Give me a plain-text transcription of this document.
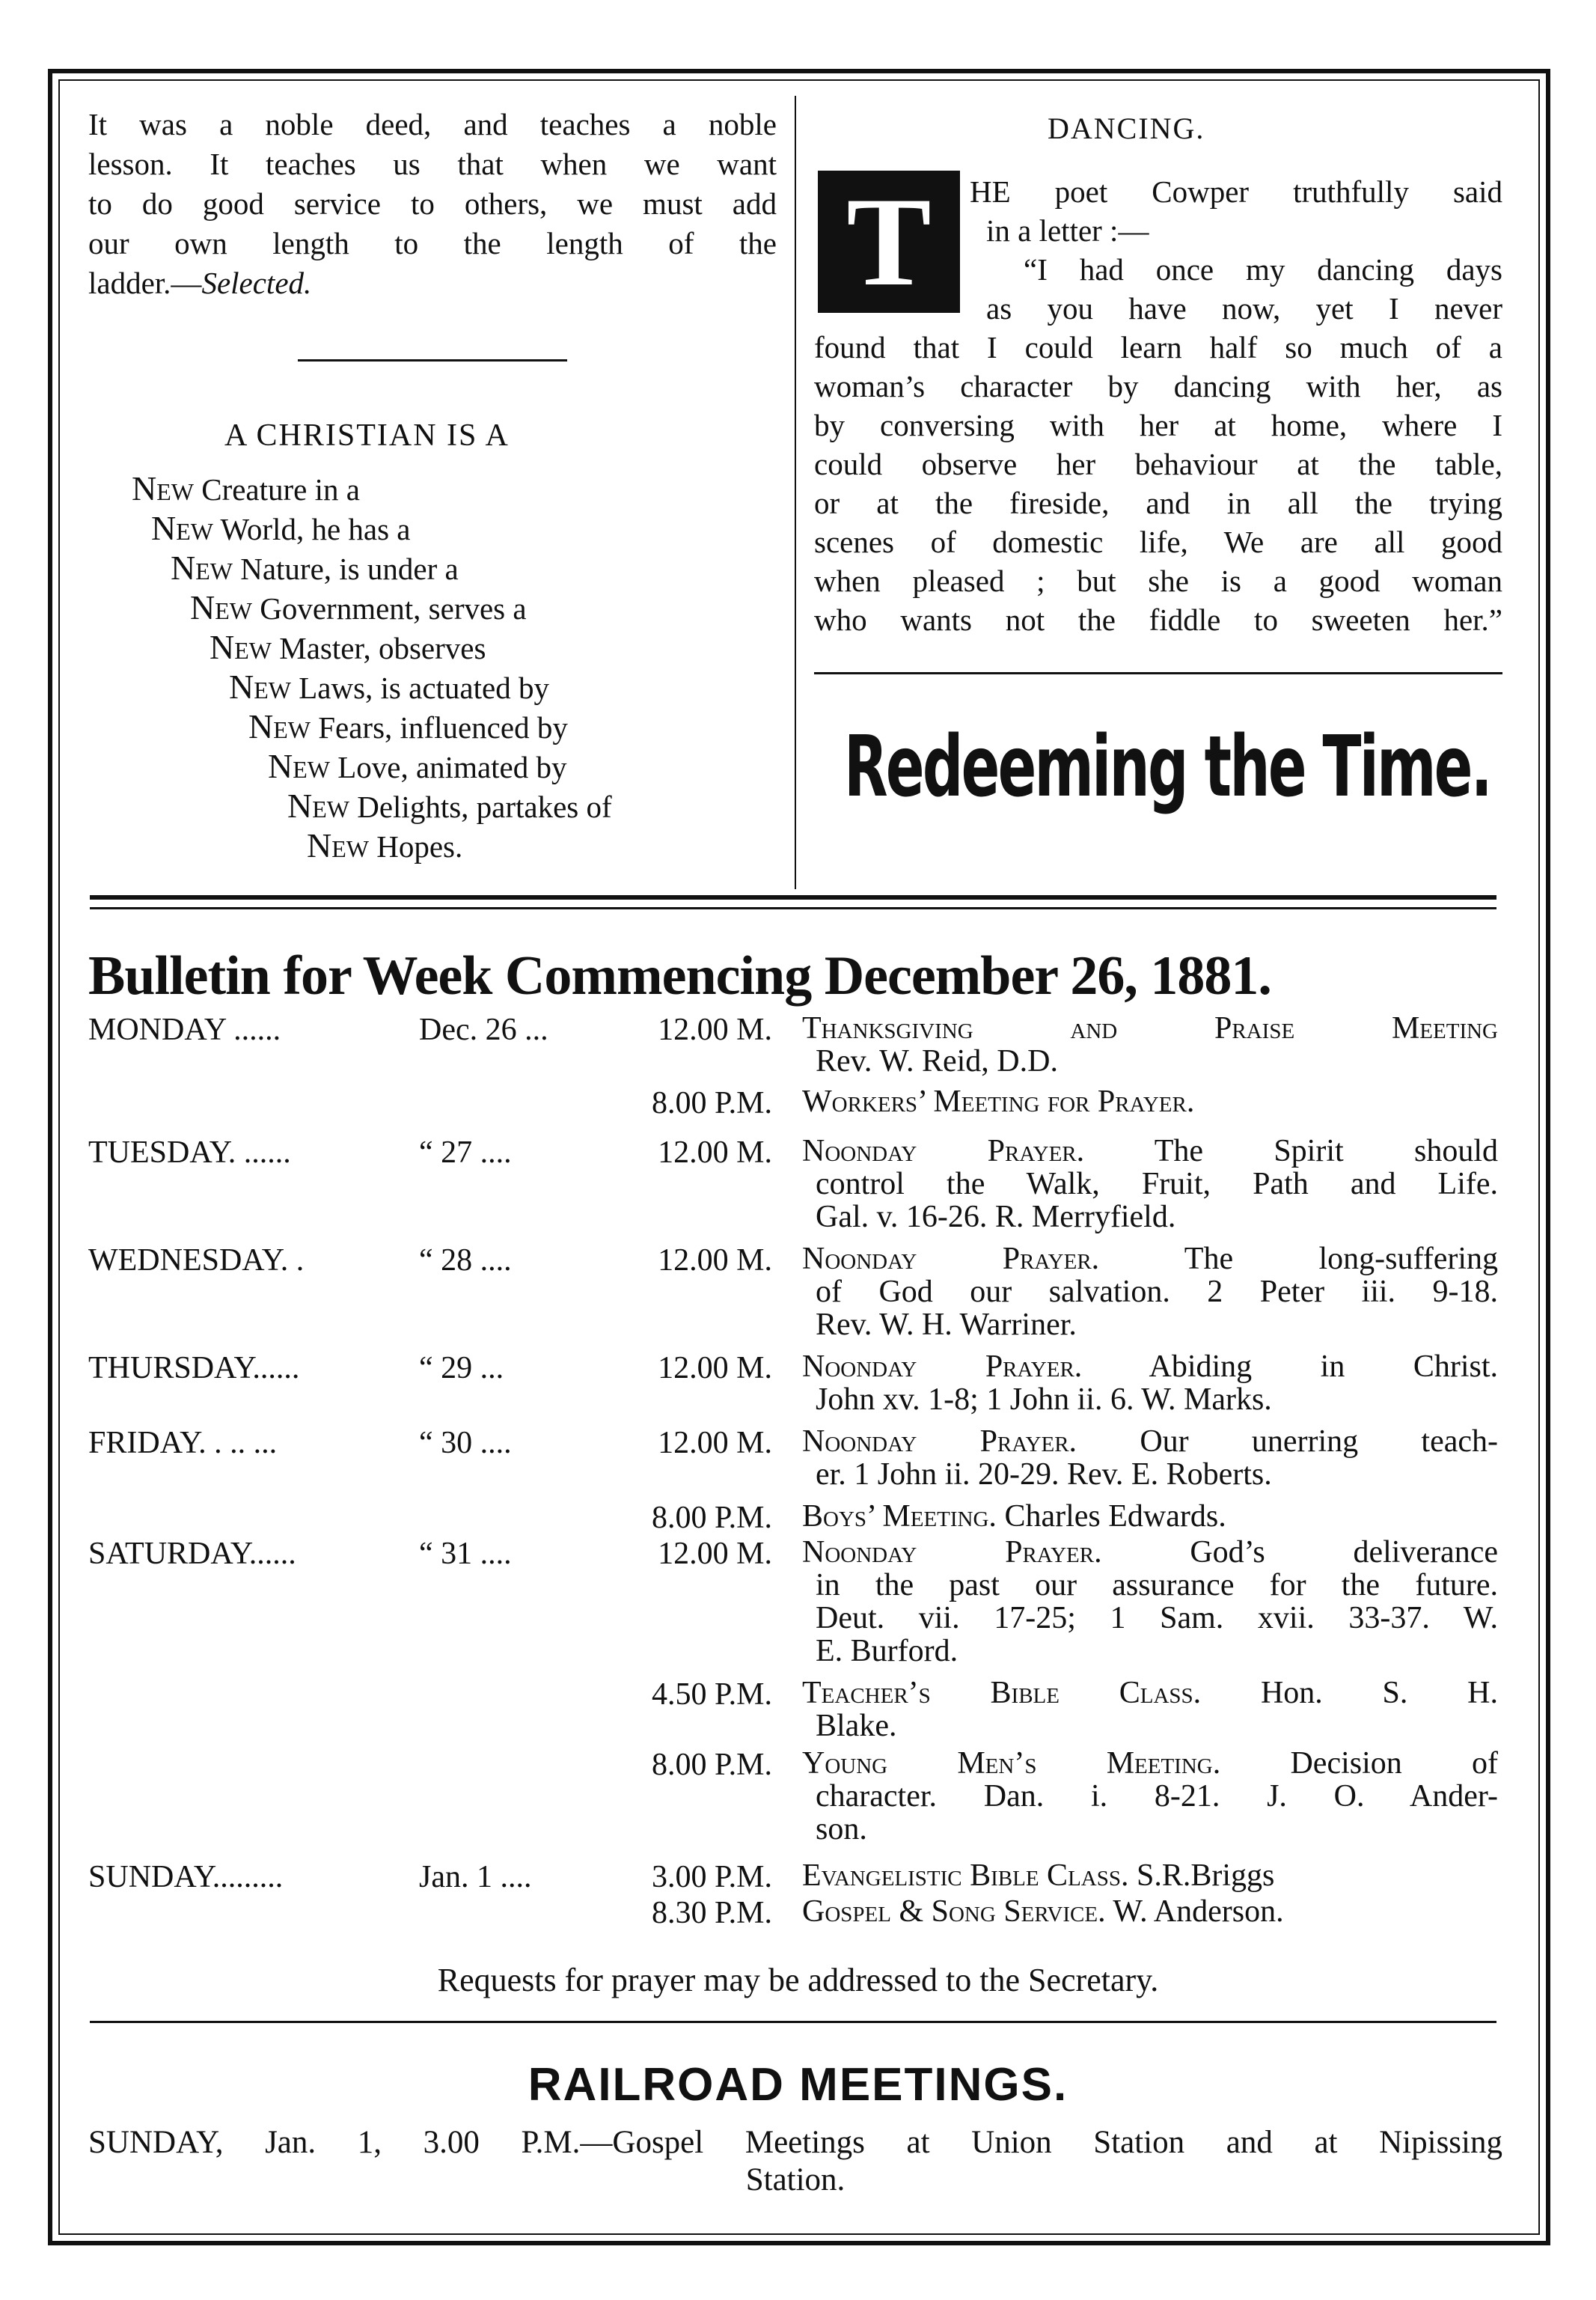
It was a noble deed, and teaches a noble
lesson. It teaches us that when we want
to do good service to others, we must add
our own length to the length of the
ladder.—Selected.
A CHRISTIAN IS A
NEW Creature in a
NEW World, he has a
NEW Nature, is under a
NEW Government, serves a
NEW Master, observes
NEW Laws, is actuated by
NEW Fears, influenced by
NEW Love, animated by
NEW Delights, partakes of
NEW Hopes.
DANCING.
T HE poet Cowper truthfully said
in a letter :—
“I had once my dancing days
as you have now, yet I never
found that I could learn half so much of a
woman’s character by dancing with her, as
by conversing with her at home, where I
could observe her behaviour at the table,
or at the fireside, and in all the trying
scenes of domestic life, We are all good
when pleased ; but she is a good woman
who wants not the fiddle to sweeten her.”
Redeeming the Time.
Bulletin for Week Commencing December 26, 1881.
MONDAY ......	Dec. 26 ...	12.00 M. Thanksgiving and Praise Meeting
Rev. W. Reid, D.D.
8.00 P.M. Workers’ Meeting for Prayer.
TUESDAY. ......	“ 27 ....	12.00 M. Noonday Prayer. The Spirit should
control the Walk, Fruit, Path and Life.
Gal. v. 16-26. R. Merryfield.
WEDNESDAY. .	“ 28 ....	12.00 M. Noonday Prayer. The long-suffering
of God our salvation. 2 Peter iii. 9-18.
Rev. W. H. Warriner.
THURSDAY......	“ 29 ...	12.00 M. Noonday Prayer. Abiding in Christ.
John xv. 1-8; 1 John ii. 6. W. Marks.
FRIDAY. . .. ...	“ 30 ....	12.00 M. Noonday Prayer. Our unerring teach-
er. 1 John ii. 20-29. Rev. E. Roberts.
8.00 P.M. Boys’ Meeting. Charles Edwards.
SATURDAY......	“ 31 ....	12.00 M. Noonday Prayer. God’s deliverance
in the past our assurance for the future.
Deut. vii. 17-25; 1 Sam. xvii. 33-37. W.
E. Burford.
4.50 P.M. Teacher’s Bible Class. Hon. S. H.
Blake.
8.00 P.M. Young Men’s Meeting. Decision of
character. Dan. i. 8-21. J. O. Ander-
son.
SUNDAY.........	Jan. 1 ....	3.00 P.M. Evangelistic Bible Class. S.R.Briggs
8.30 P.M. Gospel & Song Service. W. Anderson.
Requests for prayer may be addressed to the Secretary.
RAILROAD MEETINGS.
SUNDAY, Jan. 1, 3.00 P.M.—Gospel Meetings at Union Station and at Nipissing
Station.
